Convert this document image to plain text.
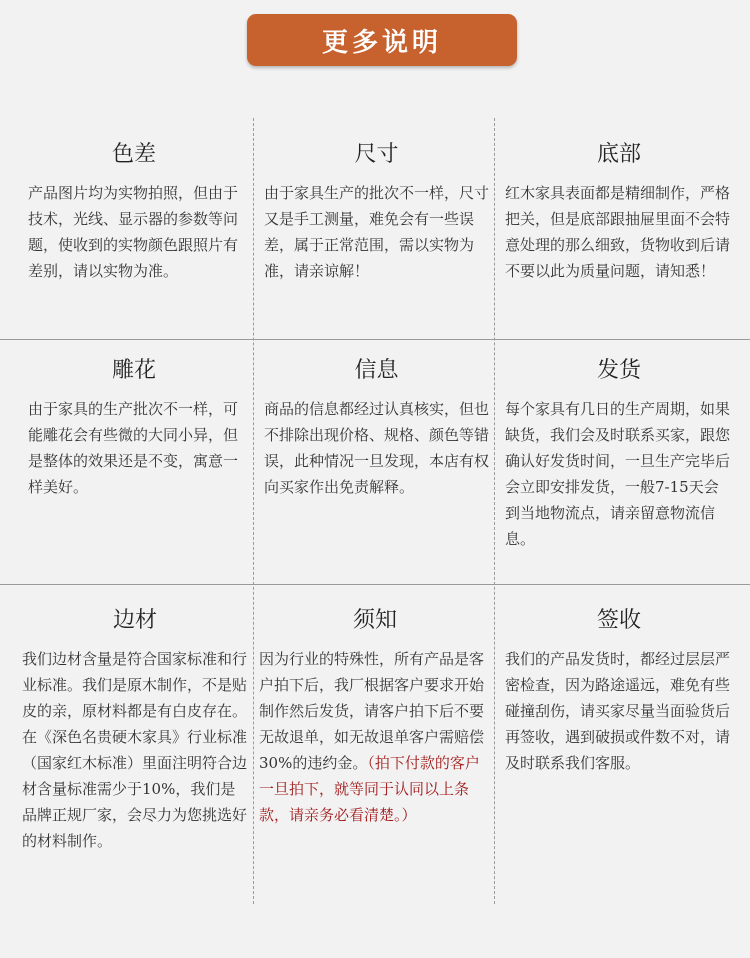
更多说明
色差

产品图片均为实物拍照，但由于技术，光线、显示器的参数等问题，使收到的实物颜色跟照片有差别，请以实物为准。

尺寸

由于家具生产的批次不一样，尺寸又是手工测量，难免会有一些误差，属于正常范围，需以实物为准，请亲谅解！

底部

红木家具表面都是精细制作，严格把关，但是底部跟抽屉里面不会特意处理的那么细致，货物收到后请不要以此为质量问题，请知悉！

雕花

由于家具的生产批次不一样，可能雕花会有些微的大同小异，但是整体的效果还是不变，寓意一样美好。

信息

商品的信息都经过认真核实，但也不排除出现价格、规格、颜色等错误，此种情况一旦发现，本店有权向买家作出免责解释。

发货

每个家具有几日的生产周期，如果缺货，我们会及时联系买家，跟您确认好发货时间，一旦生产完毕后会立即安排发货，一般7-15天会到当地物流点，请亲留意物流信息。

边材

我们边材含量是符合国家标准和行业标准。我们是原木制作，不是贴皮的亲，原材料都是有白皮存在。在《深色名贵硬木家具》行业标准（国家红木标准）里面注明符合边材含量标准需少于10%，我们是品牌正规厂家，会尽力为您挑选好的材料制作。

须知

因为行业的特殊性，所有产品是客户拍下后，我厂根据客户要求开始制作然后发货，请客户拍下后不要无故退单，如无故退单客户需赔偿30%的违约金。（拍下付款的客户一旦拍下，就等同于认同以上条款，请亲务必看清楚。）

签收

我们的产品发货时，都经过层层严密检查，因为路途遥远，难免有些碰撞刮伤，请买家尽量当面验货后再签收，遇到破损或件数不对，请及时联系我们客服。
